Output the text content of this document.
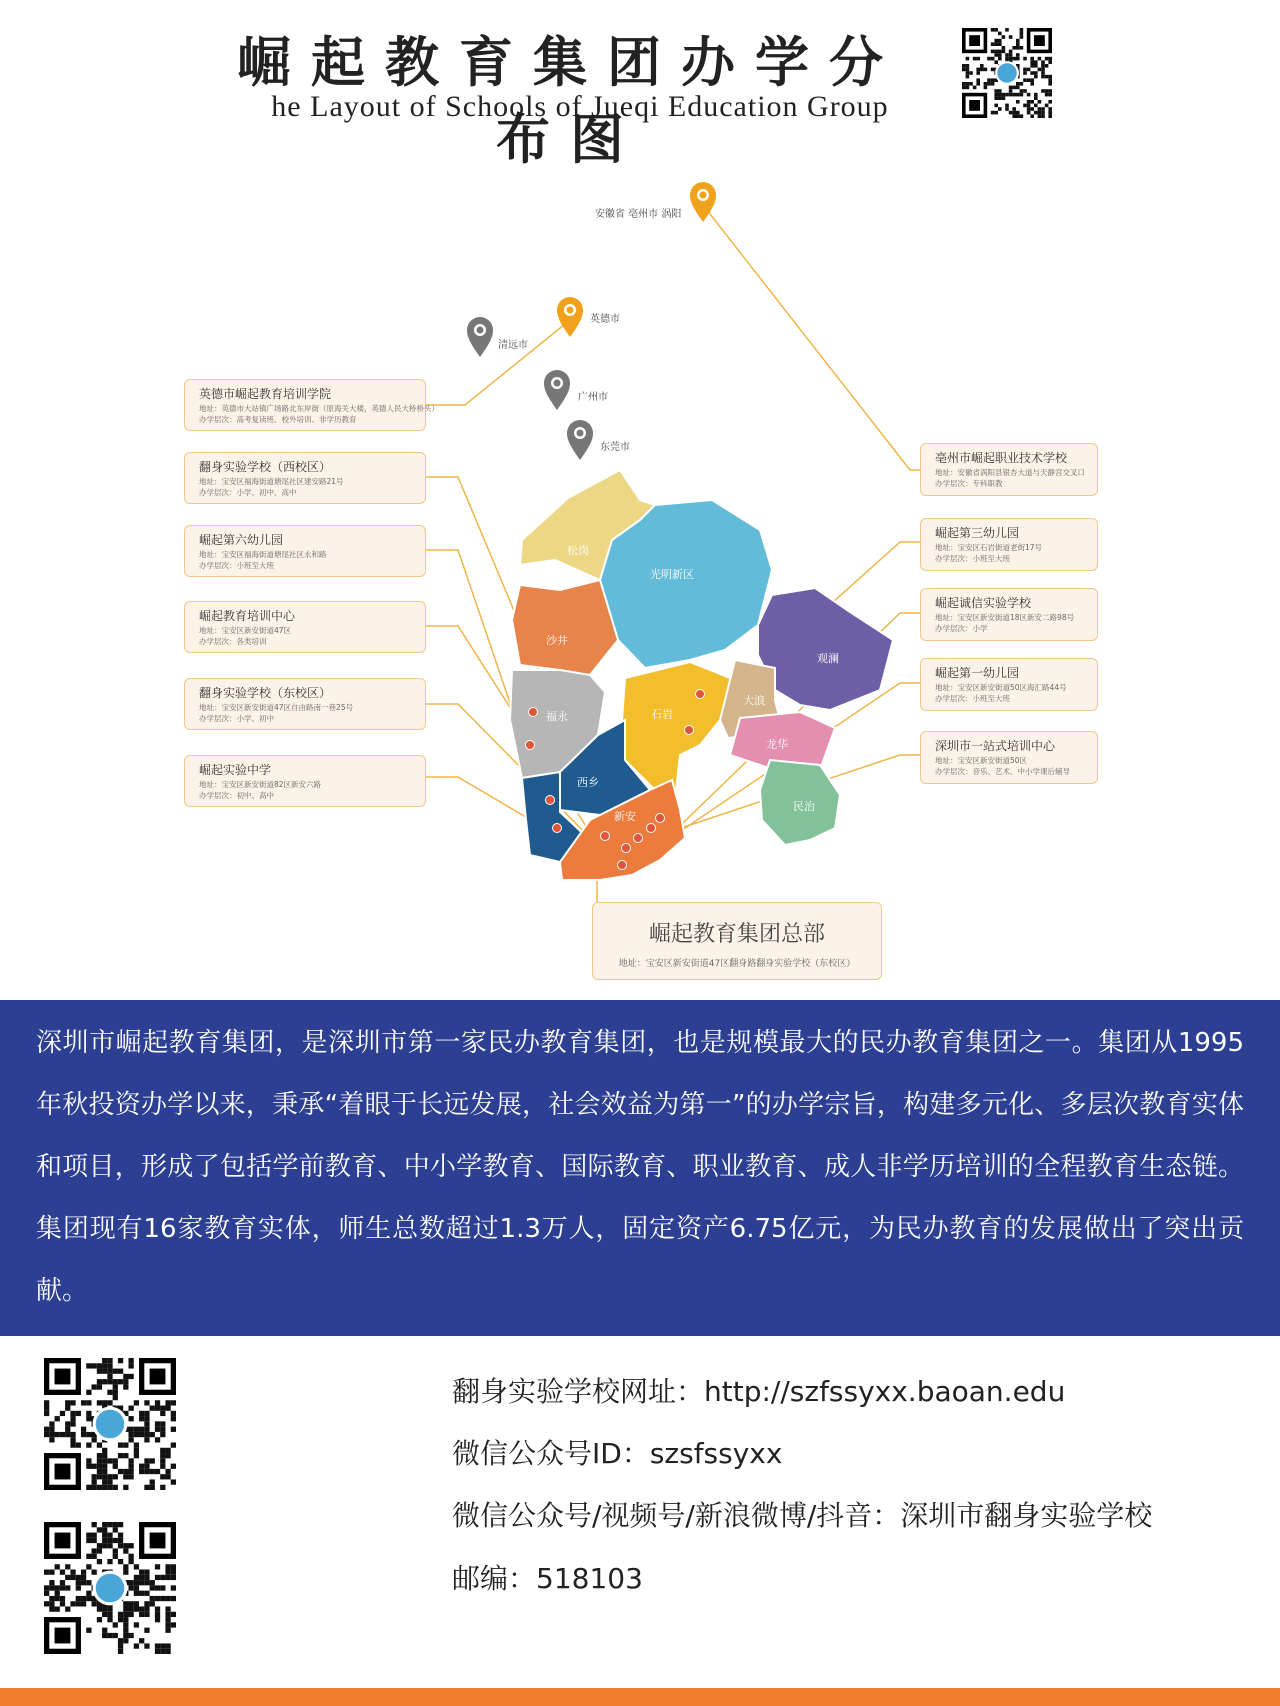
崛起教育集团办学分布图
he Layout of Schools of Jueqi Education Group
松岗
光明新区
沙井
观澜
福永	石岩
大浪
龙华
西乡
民治
新安
安徽省 亳州市 涡阳
英德市
清远市
广州市
东莞市
英德市崛起教育培训学院
地址：英德市大站镇广场路北东岸街（原海关大楼，英德人民大桥桥头）
办学层次：高考复读班、校外培训、非学历教育
翻身实验学校（西校区）
地址：宝安区福海街道塘尾社区建安路21号
办学层次：小学、初中、高中
崛起第六幼儿园
地址：宝安区福海街道塘尾社区永和路
办学层次：小班至大班
崛起教育培训中心
地址：宝安区新安街道47区
办学层次：各类培训
翻身实验学校（东校区）
地址：宝安区新安街道47区自由路南一巷25号
办学层次：小学、初中
崛起实验中学
地址：宝安区新安街道82区新安六路
办学层次：初中、高中
亳州市崛起职业技术学校
地址：安徽省涡阳县银杏大道与天静宫交叉口
办学层次：专科职教
崛起第三幼儿园
地址：宝安区石岩街道老街17号
办学层次：小班至大班
崛起诚信实验学校
地址：宝安区新安街道18区新安二路98号
办学层次：小学
崛起第一幼儿园
地址：宝安区新安街道50区海汇路44号
办学层次：小班至大班
深圳市一站式培训中心
地址：宝安区新安街道50区
办学层次：音乐、艺术、中小学课后辅导
崛起教育集团总部
地址：宝安区新安街道47区翻身路翻身实验学校（东校区）

深圳市崛起教育集团，是深圳市第一家民办教育集团，也是规模最大的民办教育集团之一。集团从1995年秋投资办学以来，秉承“着眼于长远发展，社会效益为第一”的办学宗旨，构建多元化、多层次教育实体和项目，形成了包括学前教育、中小学教育、国际教育、职业教育、成人非学历培训的全程教育生态链。集团现有16家教育实体，师生总数超过1.3万人，固定资产6.75亿元，为民办教育的发展做出了突出贡献。

翻身实验学校网址：http://szfssyxx.baoan.edu
微信公众号ID：szsfssyxx
微信公众号/视频号/新浪微博/抖音：深圳市翻身实验学校
邮编：518103
